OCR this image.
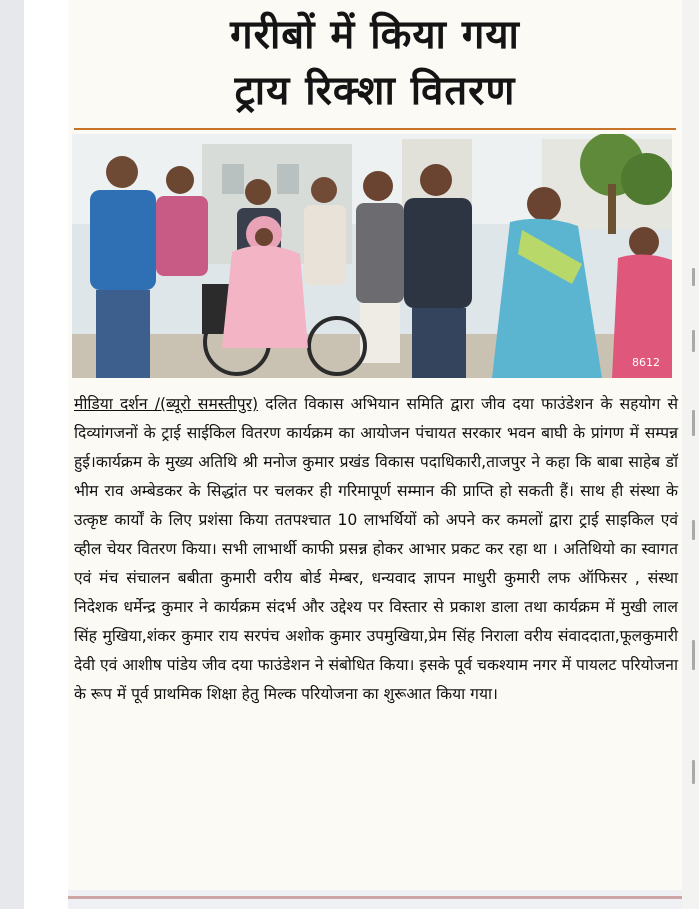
गरीबों में किया गया
ट्राय रिक्शा वितरण
8612

मीडिया दर्शन /(ब्यूरो समस्तीपुर) दलित विकास अभियान समिति द्वारा जीव दया फाउंडेशन के सहयोग से दिव्यांगजनों के ट्राई साईकिल वितरण कार्यक्रम का आयोजन पंचायत सरकार भवन बाघी के प्रांगण में सम्पन्न हुई।कार्यक्रम के मुख्य अतिथि श्री मनोज कुमार प्रखंड विकास पदाधिकारी,ताजपुर ने कहा कि बाबा साहेब डॉ भीम राव अम्बेडकर के सिद्धांत पर चलकर ही गरिमापूर्ण सम्मान की प्राप्ति हो सकती हैं। साथ ही संस्था के उत्कृष्ट कार्यों के लिए प्रशंसा किया ततपश्चात 10 लाभर्थियों को अपने कर कमलों द्वारा ट्राई साइकिल एवं व्हील चेयर वितरण किया। सभी लाभार्थी काफी प्रसन्न होकर आभार प्रकट कर रहा था । अतिथियो का स्वागत एवं मंच संचालन बबीता कुमारी वरीय बोर्ड मेम्बर, धन्यवाद ज्ञापन माधुरी कुमारी लफ ऑफिसर , संस्था निदेशक धर्मेन्द्र कुमार ने कार्यक्रम संदर्भ और उद्देश्य पर विस्तार से प्रकाश डाला तथा कार्यक्रम में मुखी लाल सिंह मुखिया,शंकर कुमार राय सरपंच अशोक कुमार उपमुखिया,प्रेम सिंह निराला वरीय संवाददाता,फूलकुमारी देवी एवं आशीष पांडेय जीव दया फाउंडेशन ने संबोधित किया। इसके पूर्व चकश्याम नगर में पायलट परियोजना के रूप में पूर्व प्राथमिक शिक्षा हेतु मिल्क परियोजना का शुरूआत किया गया।
